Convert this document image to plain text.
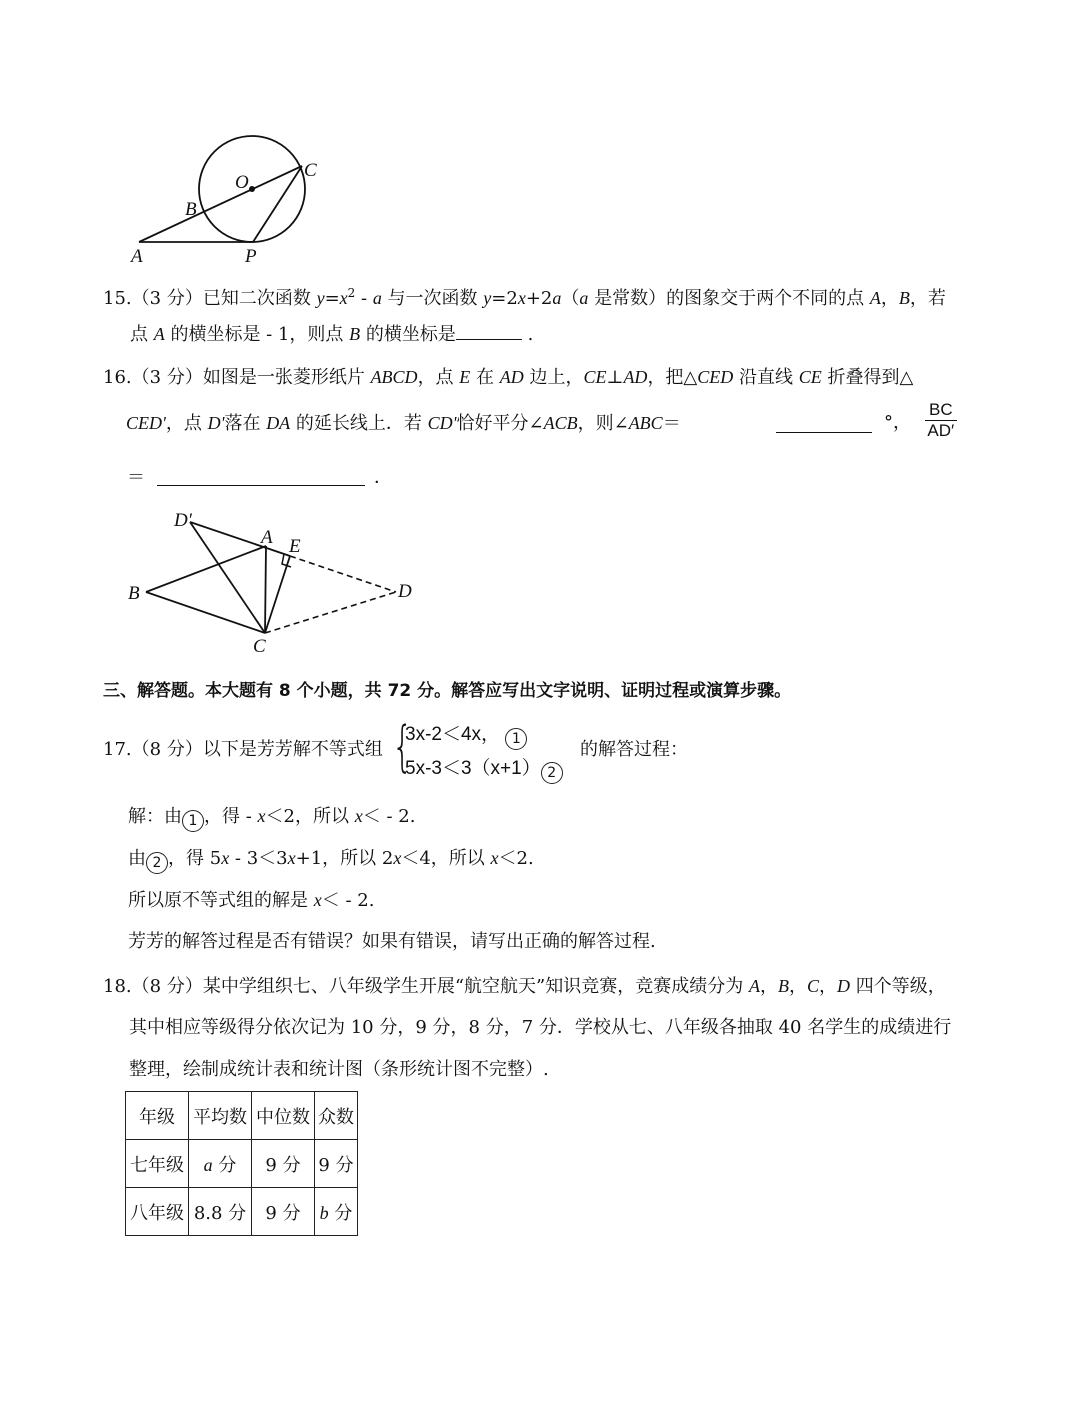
O
C
B
A	P
15.（3 分）已知二次函数 $y=x^2 - a$ 与一次函数 y=2x+2a（a 是常数）的图象交于两个不同的点 A，B，若
点 A 的横坐标是 - 1，则点 B 的横坐标是	.
16.（3 分）如图是一张菱形纸片 ABCD，点 E 在 AD 边上，CE⊥AD，把△CED 沿直线 CE 折叠得到△
CED'，点 D'落在 DA 的延长线上．若 CD'恰好平分∠ACB，则∠ABC＝	°， $\frac{BC}{AD'}$
＝	．
D′
A E
B	D
C
三、解答题。本大题有 8 个小题，共 72 分。解答应写出文字说明、证明过程或演算步骤。
17.（8 分）以下是芳芳解不等式组 {
3x-2＜4x， 1
5x-3＜3（x+1） 2
的解答过程：
解：由 1 ，得 - x＜2，所以 x＜ - 2.
由 2 ，得 5x - 3＜3x+1，所以 2x＜4，所以 x＜2.
所以原不等式组的解是 x＜ - 2.
芳芳的解答过程是否有错误？如果有错误，请写出正确的解答过程.
18.（8 分）某中学组织七、八年级学生开展“航空航天”知识竞赛，竞赛成绩分为 A，B，C，D 四个等级，
其中相应等级得分依次记为 10 分，9 分，8 分，7 分．学校从七、八年级各抽取 40 名学生的成绩进行
整理，绘制成统计表和统计图（条形统计图不完整）.
年级	平均数	中位数	众数
七年级	a 分	9 分	9 分
八年级	8.8 分	9 分	b 分
